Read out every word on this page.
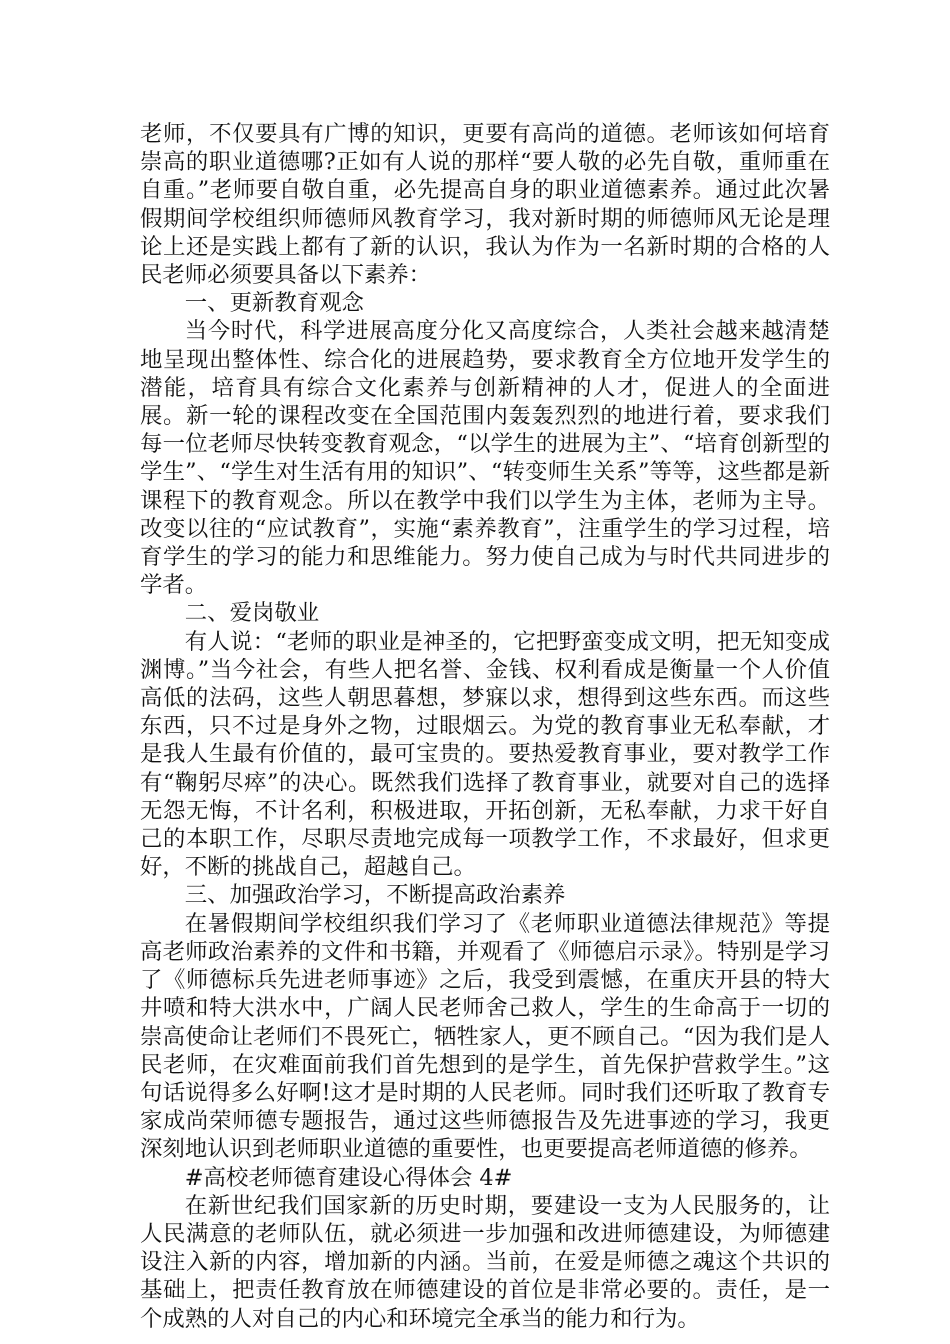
老师，不仅要具有广博的知识，更要有高尚的道德。老师该如何培育崇高的职业道德哪?正如有人说的那样“要人敬的必先自敬，重师重在自重。”老师要自敬自重，必先提高自身的职业道德素养。通过此次暑假期间学校组织师德师风教育学习，我对新时期的师德师风无论是理论上还是实践上都有了新的认识，我认为作为一名新时期的合格的人民老师必须要具备以下素养：

一、更新教育观念

当今时代，科学进展高度分化又高度综合，人类社会越来越清楚地呈现出整体性、综合化的进展趋势，要求教育全方位地开发学生的潜能，培育具有综合文化素养与创新精神的人才，促进人的全面进展。新一轮的课程改变在全国范围内轰轰烈烈的地进行着，要求我们每一位老师尽快转变教育观念，“以学生的进展为主”、“培育创新型的学生”、“学生对生活有用的知识”、“转变师生关系”等等，这些都是新课程下的教育观念。所以在教学中我们以学生为主体，老师为主导。改变以往的“应试教育”，实施“素养教育”，注重学生的学习过程，培育学生的学习的能力和思维能力。努力使自己成为与时代共同进步的学者。

二、爱岗敬业

有人说：“老师的职业是神圣的，它把野蛮变成文明，把无知变成渊博。”当今社会，有些人把名誉、金钱、权利看成是衡量一个人价值高低的法码，这些人朝思暮想，梦寐以求，想得到这些东西。而这些东西，只不过是身外之物，过眼烟云。为党的教育事业无私奉献，才是我人生最有价值的，最可宝贵的。要热爱教育事业，要对教学工作有“鞠躬尽瘁”的决心。既然我们选择了教育事业，就要对自己的选择无怨无悔，不计名利，积极进取，开拓创新，无私奉献，力求干好自己的本职工作，尽职尽责地完成每一项教学工作，不求最好，但求更好，不断的挑战自己，超越自己。

三、加强政治学习，不断提高政治素养

在暑假期间学校组织我们学习了《老师职业道德法律规范》等提高老师政治素养的文件和书籍，并观看了《师德启示录》。特别是学习了《师德标兵先进老师事迹》之后，我受到震憾，在重庆开县的特大井喷和特大洪水中，广阔人民老师舍己救人，学生的生命高于一切的崇高使命让老师们不畏死亡，牺牲家人，更不顾自己。“因为我们是人民老师，在灾难面前我们首先想到的是学生，首先保护营救学生。”这句话说得多么好啊!这才是时期的人民老师。同时我们还听取了教育专家成尚荣师德专题报告，通过这些师德报告及先进事迹的学习，我更深刻地认识到老师职业道德的重要性，也更要提高老师道德的修养。

#高校老师德育建设心得体会 4#

在新世纪我们国家新的历史时期，要建设一支为人民服务的，让人民满意的老师队伍，就必须进一步加强和改进师德建设，为师德建设注入新的内容，增加新的内涵。当前，在爱是师德之魂这个共识的基础上，把责任教育放在师德建设的首位是非常必要的。责任，是一个成熟的人对自己的内心和环境完全承当的能力和行为。
